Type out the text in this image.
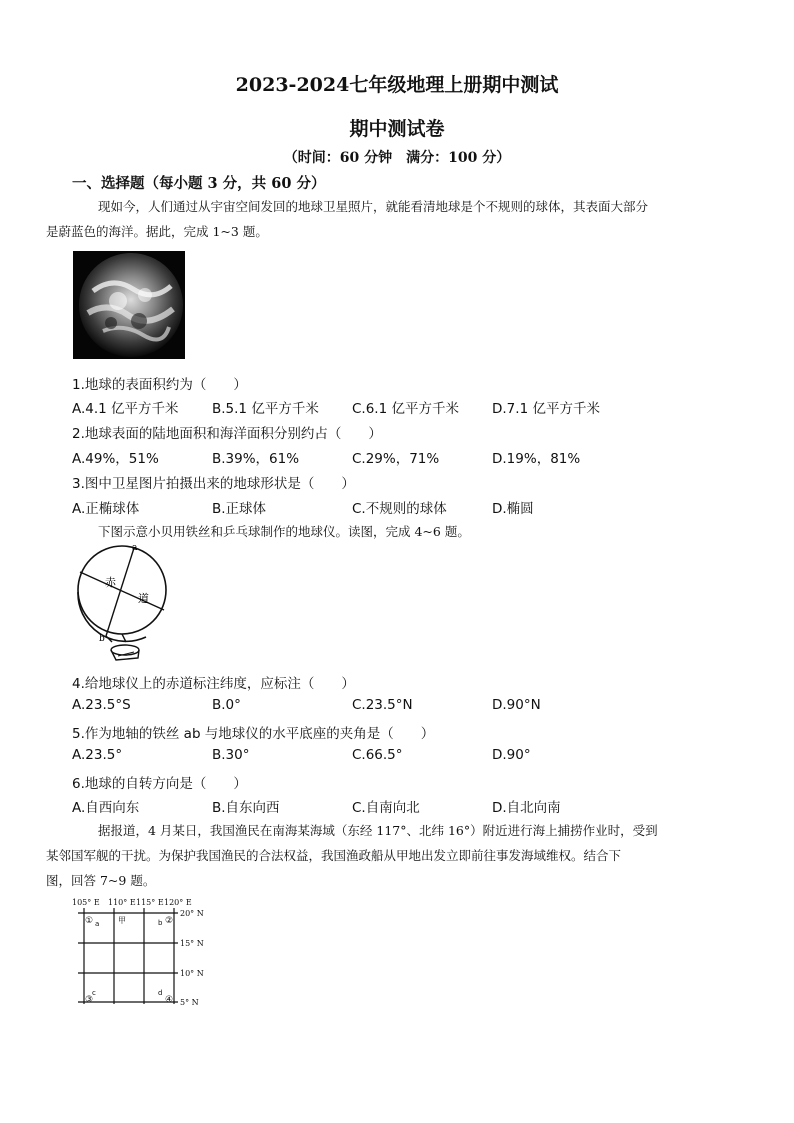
2023-2024七年级地理上册期中测试
期中测试卷
（时间：60 分钟　满分：100 分）
一、选择题（每小题 3 分，共 60 分）
现如今，人们通过从宇宙空间发回的地球卫星照片，就能看清地球是个不规则的球体，其表面大部分
是蔚蓝色的海洋。据此，完成 1~3 题。
1.地球的表面积约为（　　）
A.4.1 亿平方千米 B.5.1 亿平方千米 C.6.1 亿平方千米 D.7.1 亿平方千米
2.地球表面的陆地面积和海洋面积分别约占（　　）
A.49%，51%	B.39%，61%	C.29%，71%	D.19%，81%
3.图中卫星图片拍摄出来的地球形状是（　　）
A.正椭球体	B.正球体	C.不规则的球体	D.椭圆
下图示意小贝用铁丝和乒乓球制作的地球仪。读图，完成 4~6 题。
a
b
赤
道
4.给地球仪上的赤道标注纬度，应标注（　　）
A.23.5°S	B.0°	C.23.5°N	D.90°N
5.作为地轴的铁丝 ab 与地球仪的水平底座的夹角是（　　）
A.23.5°	B.30°	C.66.5°	D.90°
6.地球的自转方向是（　　）
A.自西向东	B.自东向西	C.自南向北	D.自北向南
据报道，4 月某日，我国渔民在南海某海域（东经 117°、北纬 16°）附近进行海上捕捞作业时，受到
某邻国军舰的干扰。为保护我国渔民的合法权益，我国渔政船从甲地出发立即前往事发海域维权。结合下
图，回答 7~9 题。
105° E 110° E 115° E 120° E
20° N
15° N
10° N
5° N
① a 甲	b ②
c
③
d
④
